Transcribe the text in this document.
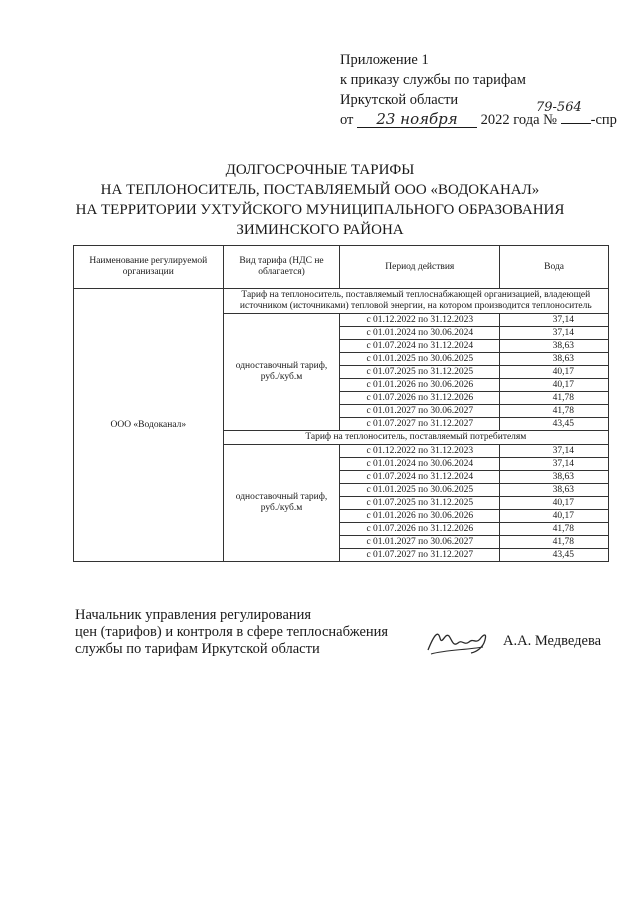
Приложение 1
к приказу службы по тарифам
Иркутской области
от 23 ноября 2022 года № -спр
79-564
ДОЛГОСРОЧНЫЕ ТАРИФЫ
НА ТЕПЛОНОСИТЕЛЬ, ПОСТАВЛЯЕМЫЙ ООО «ВОДОКАНАЛ»
НА ТЕРРИТОРИИ УХТУЙСКОГО МУНИЦИПАЛЬНОГО ОБРАЗОВАНИЯ
ЗИМИНСКОГО РАЙОНА
Наименование регулируемой организации	Вид тарифа (НДС не облагается)	Период действия	Вода
ООО «Водоканал»	Тариф на теплоноситель, поставляемый теплоснабжающей организацией, владеющей источником (источниками) тепловой энергии, на котором производится теплоноситель		
	одноставочный тариф, руб./куб.м	с 01.12.2022 по 31.12.2023	37,14
		с 01.01.2024 по 30.06.2024	37,14
		с 01.07.2024 по 31.12.2024	38,63
		с 01.01.2025 по 30.06.2025	38,63
		с 01.07.2025 по 31.12.2025	40,17
		с 01.01.2026 по 30.06.2026	40,17
		с 01.07.2026 по 31.12.2026	41,78
		с 01.01.2027 по 30.06.2027	41,78
		с 01.07.2027 по 31.12.2027	43,45
	Тариф на теплоноситель, поставляемый потребителям		
	одноставочный тариф, руб./куб.м	с 01.12.2022 по 31.12.2023	37,14
		с 01.01.2024 по 30.06.2024	37,14
		с 01.07.2024 по 31.12.2024	38,63
		с 01.01.2025 по 30.06.2025	38,63
		с 01.07.2025 по 31.12.2025	40,17
		с 01.01.2026 по 30.06.2026	40,17
		с 01.07.2026 по 31.12.2026	41,78
		с 01.01.2027 по 30.06.2027	41,78
		с 01.07.2027 по 31.12.2027	43,45
Начальник управления регулирования
цен (тарифов) и контроля в сфере теплоснабжения
службы по тарифам Иркутской области	А.А. Медведева
